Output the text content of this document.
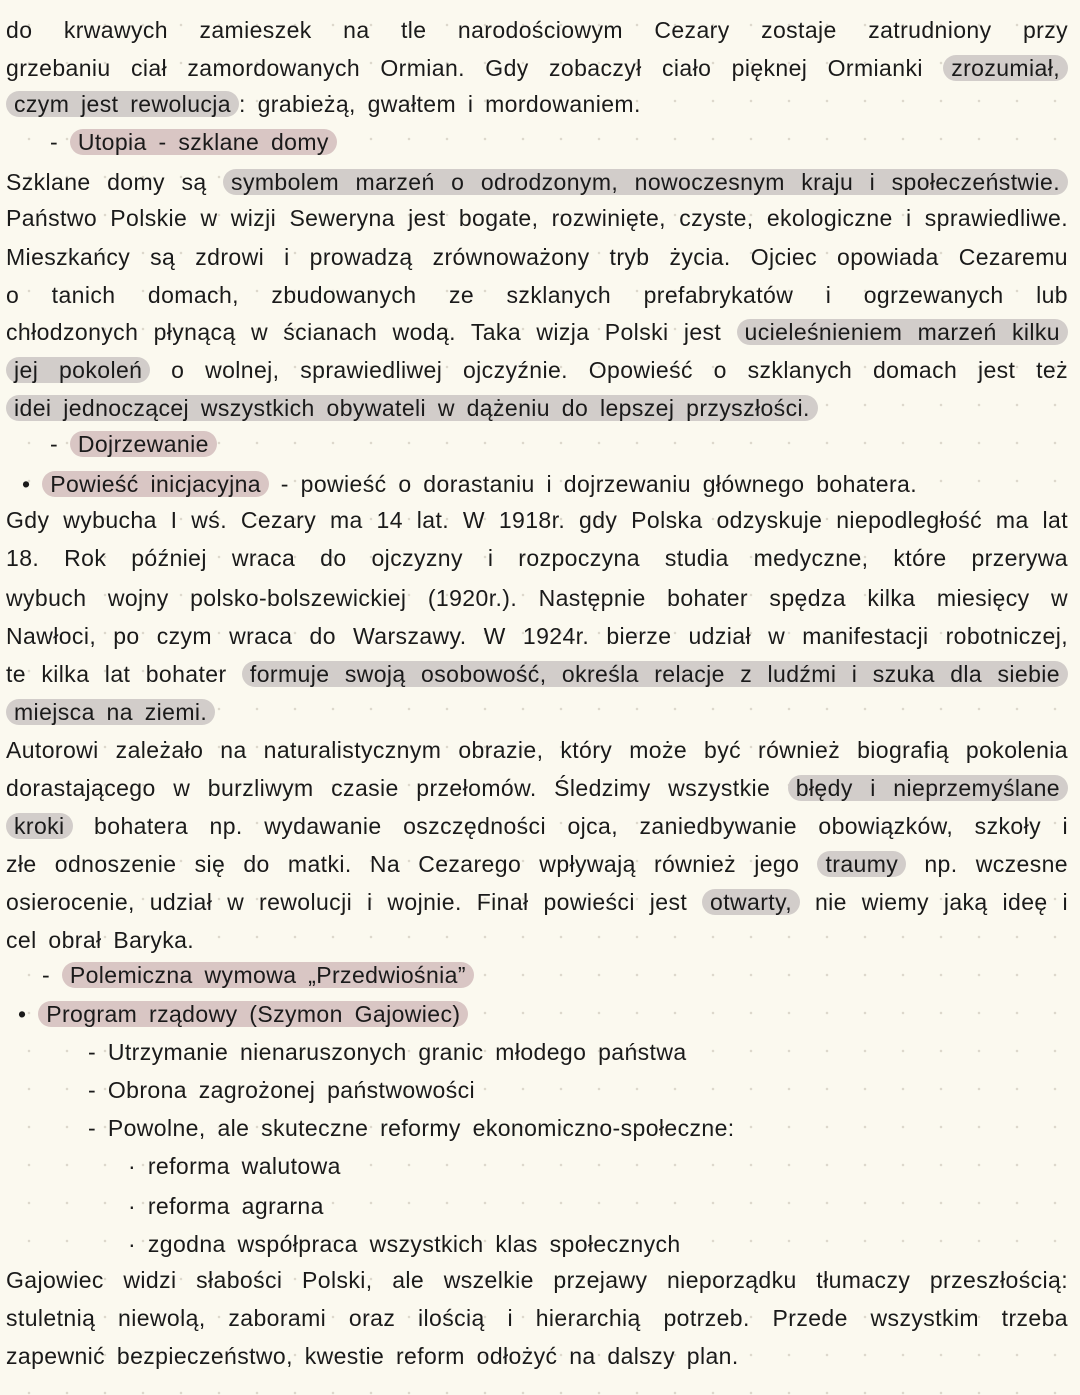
do krwawych zamieszek na tle narodościowym Cezary zostaje zatrudniony przy
grzebaniu ciał zamordowanych Ormian. Gdy zobaczył ciało pięknej Ormianki zrozumiał,
czym jest rewolucja : grabieżą, gwałtem i mordowaniem.
- Utopia - szklane domy
Szklane domy są symbolem marzeń o odrodzonym, nowoczesnym kraju i społeczeństwie.
Państwo Polskie w wizji Seweryna jest bogate, rozwinięte, czyste, ekologiczne i sprawiedliwe.
Mieszkańcy są zdrowi i prowadzą zrównoważony tryb życia. Ojciec opowiada Cezaremu
o tanich domach, zbudowanych ze szklanych prefabrykatów i ogrzewanych lub
chłodzonych płynącą w ścianach wodą. Taka wizja Polski jest ucieleśnieniem marzeń kilku
jej pokoleń o wolnej, sprawiedliwej ojczyźnie. Opowieść o szklanych domach jest też
idei jednoczącej wszystkich obywateli w dążeniu do lepszej przyszłości.
- Dojrzewanie
• Powieść inicjacyjna - powieść o dorastaniu i dojrzewaniu głównego bohatera.
Gdy wybucha I wś. Cezary ma 14 lat. W 1918r. gdy Polska odzyskuje niepodległość ma lat
18. Rok później wraca do ojczyzny i rozpoczyna studia medyczne, które przerywa
wybuch wojny polsko-bolszewickiej (1920r.). Następnie bohater spędza kilka miesięcy w
Nawłoci, po czym wraca do Warszawy. W 1924r. bierze udział w manifestacji robotniczej,
te kilka lat bohater formuje swoją osobowość, określa relacje z ludźmi i szuka dla siebie
miejsca na ziemi.
Autorowi zależało na naturalistycznym obrazie, który może być również biografią pokolenia
dorastającego w burzliwym czasie przełomów. Śledzimy wszystkie błędy i nieprzemyślane
kroki bohatera np. wydawanie oszczędności ojca, zaniedbywanie obowiązków, szkoły i
złe odnoszenie się do matki. Na Cezarego wpływają również jego traumy np. wczesne
osierocenie, udział w rewolucji i wojnie. Finał powieści jest otwarty, nie wiemy jaką ideę i
cel obrał Baryka.
- Polemiczna wymowa „Przedwiośnia”
• Program rządowy (Szymon Gajowiec)
- Utrzymanie nienaruszonych granic młodego państwa
- Obrona zagrożonej państwowości
- Powolne, ale skuteczne reformy ekonomiczno-społeczne:
· reforma walutowa
· reforma agrarna
· zgodna współpraca wszystkich klas społecznych
Gajowiec widzi słabości Polski, ale wszelkie przejawy nieporządku tłumaczy przeszłością:
stuletnią niewolą, zaborami oraz ilością i hierarchią potrzeb. Przede wszystkim trzeba
zapewnić bezpieczeństwo, kwestie reform odłożyć na dalszy plan.
